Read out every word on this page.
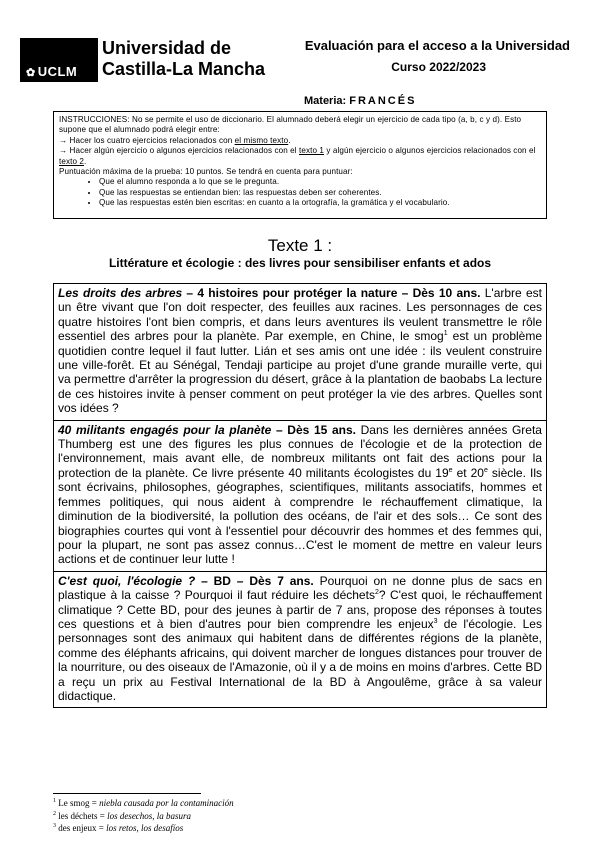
✿ UCLM
Universidad de
Castilla-La Mancha
Evaluación para el acceso a la Universidad
Curso 2022/2023
Materia: FRANCÉS

INSTRUCCIONES: No se permite el uso de diccionario. El alumnado deberá elegir un ejercicio de cada tipo (a, b, c y d). Esto supone que el alumnado podrá elegir entre:

→ Hacer los cuatro ejercicios relacionados con el mismo texto.

→ Hacer algún ejercicio o algunos ejercicios relacionados con el texto 1 y algún ejercicio o algunos ejercicios relacionados con el texto 2.

Puntuación máxima de la prueba: 10 puntos. Se tendrá en cuenta para puntuar:

• Que el alumno responda a lo que se le pregunta.
• Que las respuestas se entiendan bien: las respuestas deben ser coherentes.
• Que las respuestas estén bien escritas: en cuanto a la ortografía, la gramática y el vocabulario.
Texte 1 :
Littérature et écologie : des livres pour sensibiliser enfants et ados
Les droits des arbres – 4 histoires pour protéger la nature – Dès 10 ans. L'arbre est un être vivant que l'on doit respecter, des feuilles aux racines. Les personnages de ces quatre histoires l'ont bien compris, et dans leurs aventures ils veulent transmettre le rôle essentiel des arbres pour la planète. Par exemple, en Chine, le smog$^1$ est un problème quotidien contre lequel il faut lutter. Lián et ses amis ont une idée : ils veulent construire une ville-forêt. Et au Sénégal, Tendaji participe au projet d'une grande muraille verte, qui va permettre d'arrêter la progression du désert, grâce à la plantation de baobabs La lecture de ces histoires invite à penser comment on peut protéger la vie des arbres. Quelles sont vos idées ?
40 militants engagés pour la planète – Dès 15 ans. Dans les dernières années Greta Thumberg est une des figures les plus connues de l'écologie et de la protection de l'environnement, mais avant elle, de nombreux militants ont fait des actions pour la protection de la planète. Ce livre présente 40 militants écologistes du 19e et 20e siècle. Ils sont écrivains, philosophes, géographes, scientifiques, militants associatifs, hommes et femmes politiques, qui nous aident à comprendre le réchauffement climatique, la diminution de la biodiversité, la pollution des océans, de l'air et des sols… Ce sont des biographies courtes qui vont à l'essentiel pour découvrir des hommes et des femmes qui, pour la plupart, ne sont pas assez connus…C'est le moment de mettre en valeur leurs actions et de continuer leur lutte !
C'est quoi, l'écologie ? – BD – Dès 7 ans. Pourquoi on ne donne plus de sacs en plastique à la caisse ? Pourquoi il faut réduire les déchets$^2$? C'est quoi, le réchauffement climatique ? Cette BD, pour des jeunes à partir de 7 ans, propose des réponses à toutes ces questions et à bien d'autres pour bien comprendre les enjeux$^3$ de l'écologie. Les personnages sont des animaux qui habitent dans de différentes régions de la planète, comme des éléphants africains, qui doivent marcher de longues distances pour trouver de la nourriture, ou des oiseaux de l'Amazonie, où il y a de moins en moins d'arbres. Cette BD a reçu un prix au Festival International de la BD à Angoulême, grâce à sa valeur didactique.
$^1$ Le smog = niebla causada por la contaminación
$^2$ les déchets = los desechos, la basura
$^3$ des enjeux = los retos, los desafíos
